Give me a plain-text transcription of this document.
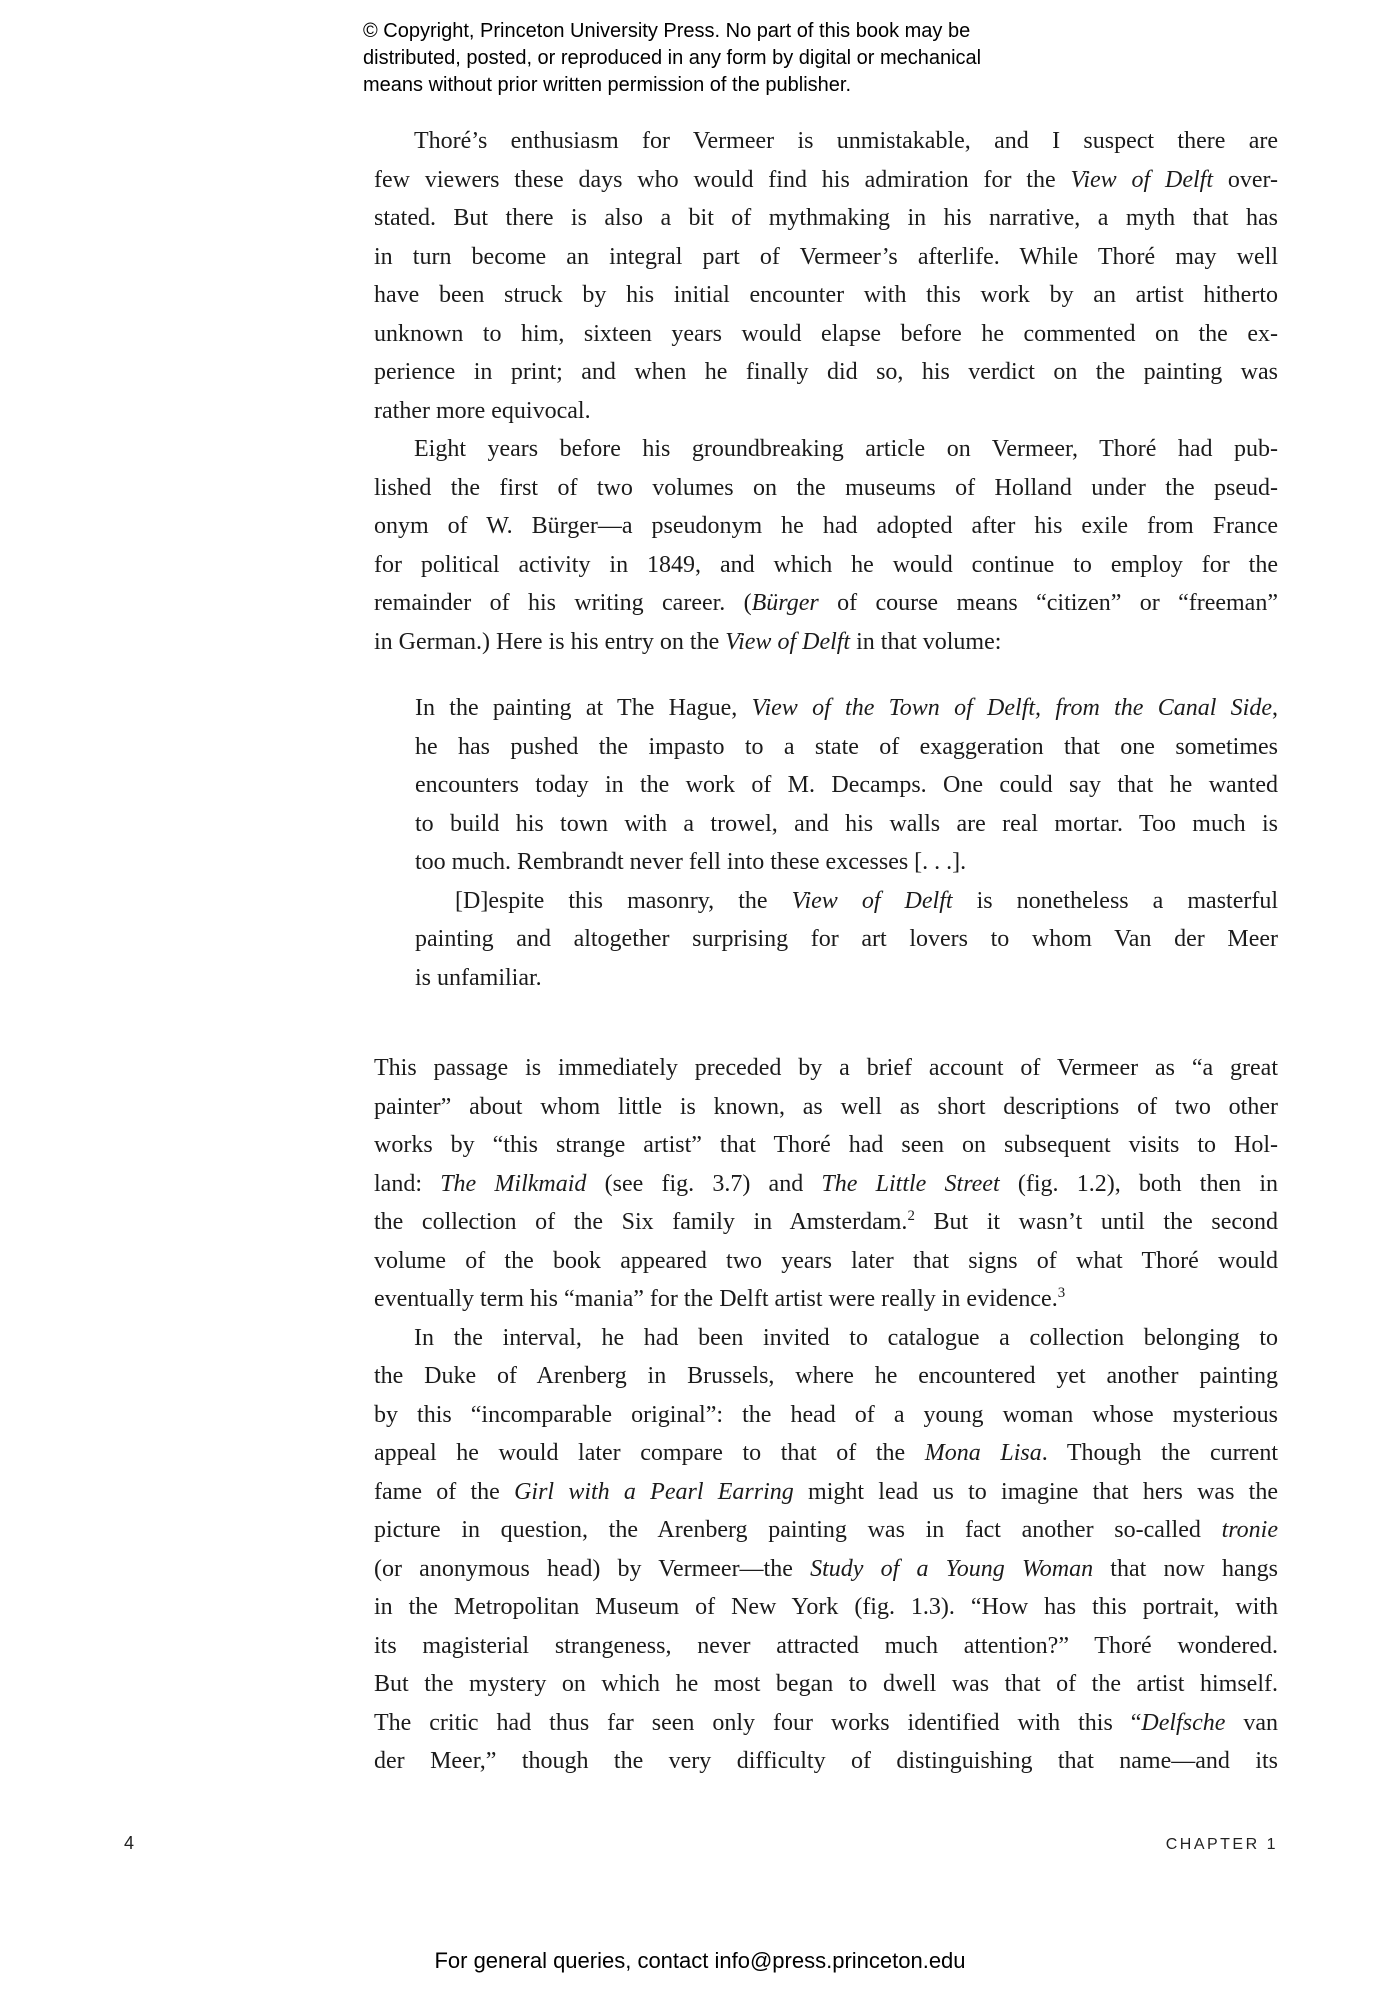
© Copyright, Princeton University Press. No part of this book may be
distributed, posted, or reproduced in any form by digital or mechanical
means without prior written permission of the publisher.
Thoré’s enthusiasm for Vermeer is unmistakable, and I suspect there are
few viewers these days who would find his admiration for the View of Delft over-
stated. But there is also a bit of mythmaking in his narrative, a myth that has
in turn become an integral part of Vermeer’s afterlife. While Thoré may well
have been struck by his initial encounter with this work by an artist hitherto
unknown to him, sixteen years would elapse before he commented on the ex-
perience in print; and when he finally did so, his verdict on the painting was
rather more equivocal.
Eight years before his groundbreaking article on Vermeer, Thoré had pub-
lished the first of two volumes on the museums of Holland under the pseud-
onym of W. Bürger—a pseudonym he had adopted after his exile from France
for political activity in 1849, and which he would continue to employ for the
remainder of his writing career. (Bürger of course means “citizen” or “freeman”
in German.) Here is his entry on the View of Delft in that volume:
In the painting at The Hague, View of the Town of Delft, from the Canal Side,
he has pushed the impasto to a state of exaggeration that one sometimes
encounters today in the work of M. Decamps. One could say that he wanted
to build his town with a trowel, and his walls are real mortar. Too much is
too much. Rembrandt never fell into these excesses [. . .].
[D]espite this masonry, the View of Delft is nonetheless a masterful
painting and altogether surprising for art lovers to whom Van der Meer
is unfamiliar.
This passage is immediately preceded by a brief account of Vermeer as “a great
painter” about whom little is known, as well as short descriptions of two other
works by “this strange artist” that Thoré had seen on subsequent visits to Hol-
land: The Milkmaid (see fig. 3.7) and The Little Street (fig. 1.2), both then in
the collection of the Six family in Amsterdam.$^2$ But it wasn’t until the second
volume of the book appeared two years later that signs of what Thoré would
eventually term his “mania” for the Delft artist were really in evidence.$^3$
In the interval, he had been invited to catalogue a collection belonging to
the Duke of Arenberg in Brussels, where he encountered yet another painting
by this “incomparable original”: the head of a young woman whose mysterious
appeal he would later compare to that of the Mona Lisa. Though the current
fame of the Girl with a Pearl Earring might lead us to imagine that hers was the
picture in question, the Arenberg painting was in fact another so-called tronie
(or anonymous head) by Vermeer—the Study of a Young Woman that now hangs
in the Metropolitan Museum of New York (fig. 1.3). “How has this portrait, with
its magisterial strangeness, never attracted much attention?” Thoré wondered.
But the mystery on which he most began to dwell was that of the artist himself.
The critic had thus far seen only four works identified with this “Delfsche van
der Meer,” though the very difficulty of distinguishing that name—and its
4	CHAPTER 1
For general queries, contact info@press.princeton.edu
